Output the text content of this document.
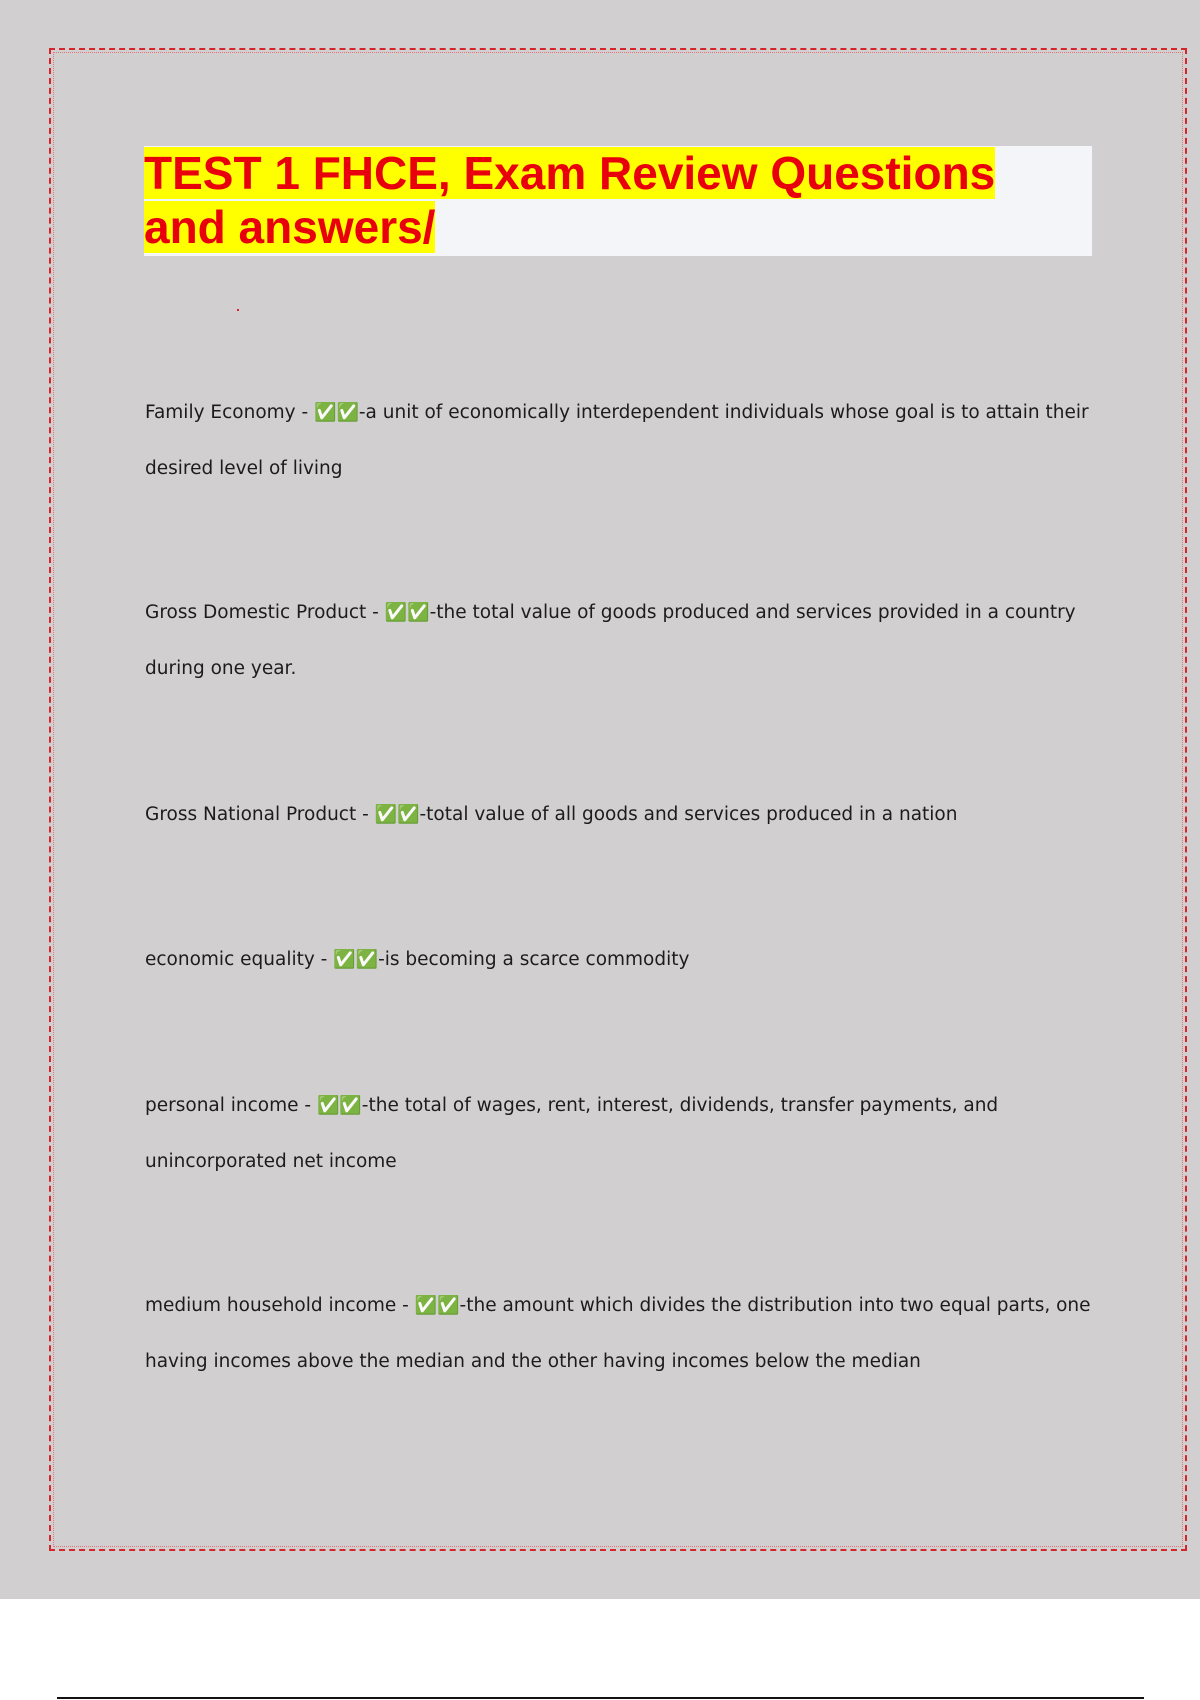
TEST 1 FHCE, Exam Review Questions
and answers/
Family Economy - ✅✅-a unit of economically interdependent individuals whose goal is to attain their
desired level of living
Gross Domestic Product - ✅✅-the total value of goods produced and services provided in a country
during one year.
Gross National Product - ✅✅-total value of all goods and services produced in a nation
economic equality - ✅✅-is becoming a scarce commodity
personal income - ✅✅-the total of wages, rent, interest, dividends, transfer payments, and
unincorporated net income
medium household income - ✅✅-the amount which divides the distribution into two equal parts, one
having incomes above the median and the other having incomes below the median
